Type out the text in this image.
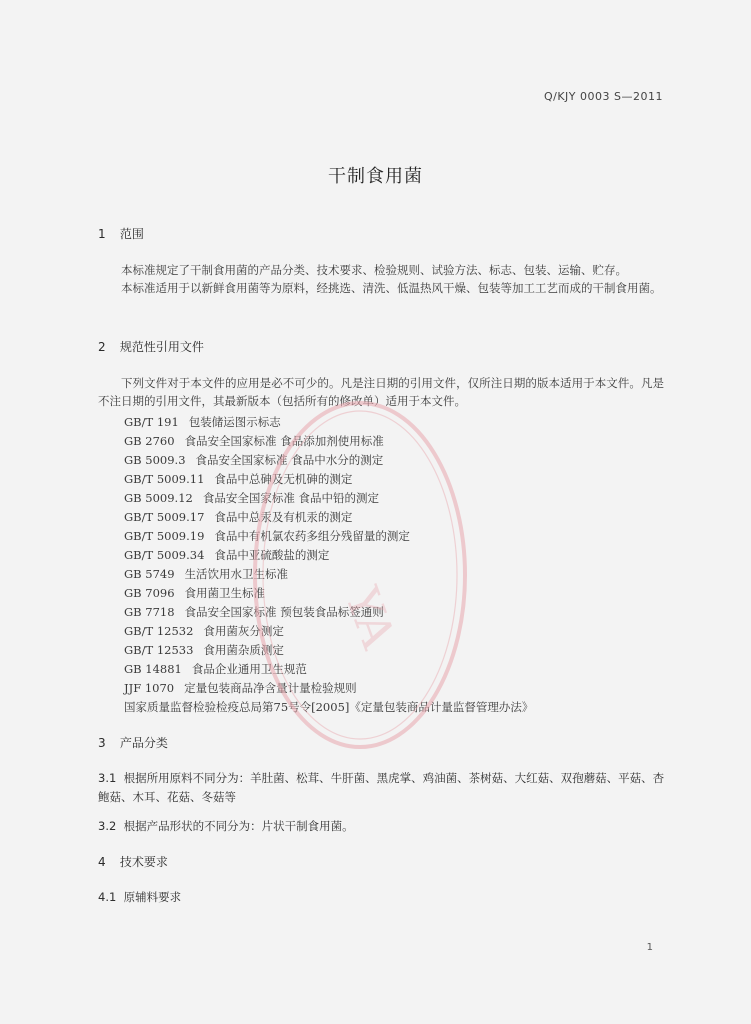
Q/KJY 0003 S—2011
干制食用菌
1 范围
本标准规定了干制食用菌的产品分类、技术要求、检验规则、试验方法、标志、包装、运输、贮存。
本标准适用于以新鲜食用菌等为原料，经挑选、清洗、低温热风干燥、包装等加工工艺而成的干制食用菌。
2 规范性引用文件
下列文件对于本文件的应用是必不可少的。凡是注日期的引用文件，仅所注日期的版本适用于本文件。凡是不注日期的引用文件，其最新版本（包括所有的修改单）适用于本文件。
GB/T 191 包装储运图示标志
GB 2760 食品安全国家标准 食品添加剂使用标准
GB 5009.3 食品安全国家标准 食品中水分的测定
GB/T 5009.11 食品中总砷及无机砷的测定
GB 5009.12 食品安全国家标准 食品中铅的测定
GB/T 5009.17 食品中总汞及有机汞的测定
GB/T 5009.19 食品中有机氯农药多组分残留量的测定
GB/T 5009.34 食品中亚硫酸盐的测定
GB 5749 生活饮用水卫生标准
GB 7096 食用菌卫生标准
GB 7718 食品安全国家标准 预包装食品标签通则
GB/T 12532 食用菌灰分测定
GB/T 12533 食用菌杂质测定
GB 14881 食品企业通用卫生规范
JJF 1070 定量包装商品净含量计量检验规则
国家质量监督检验检疫总局第75号令[2005]《定量包装商品计量监督管理办法》
3 产品分类
3.1 根据所用原料不同分为：羊肚菌、松茸、牛肝菌、黑虎掌、鸡油菌、茶树菇、大红菇、双孢蘑菇、平菇、杏鲍菇、木耳、花菇、冬菇等
3.2 根据产品形状的不同分为：片状干制食用菌。
4 技术要求
4.1 原辅料要求
1
YA
